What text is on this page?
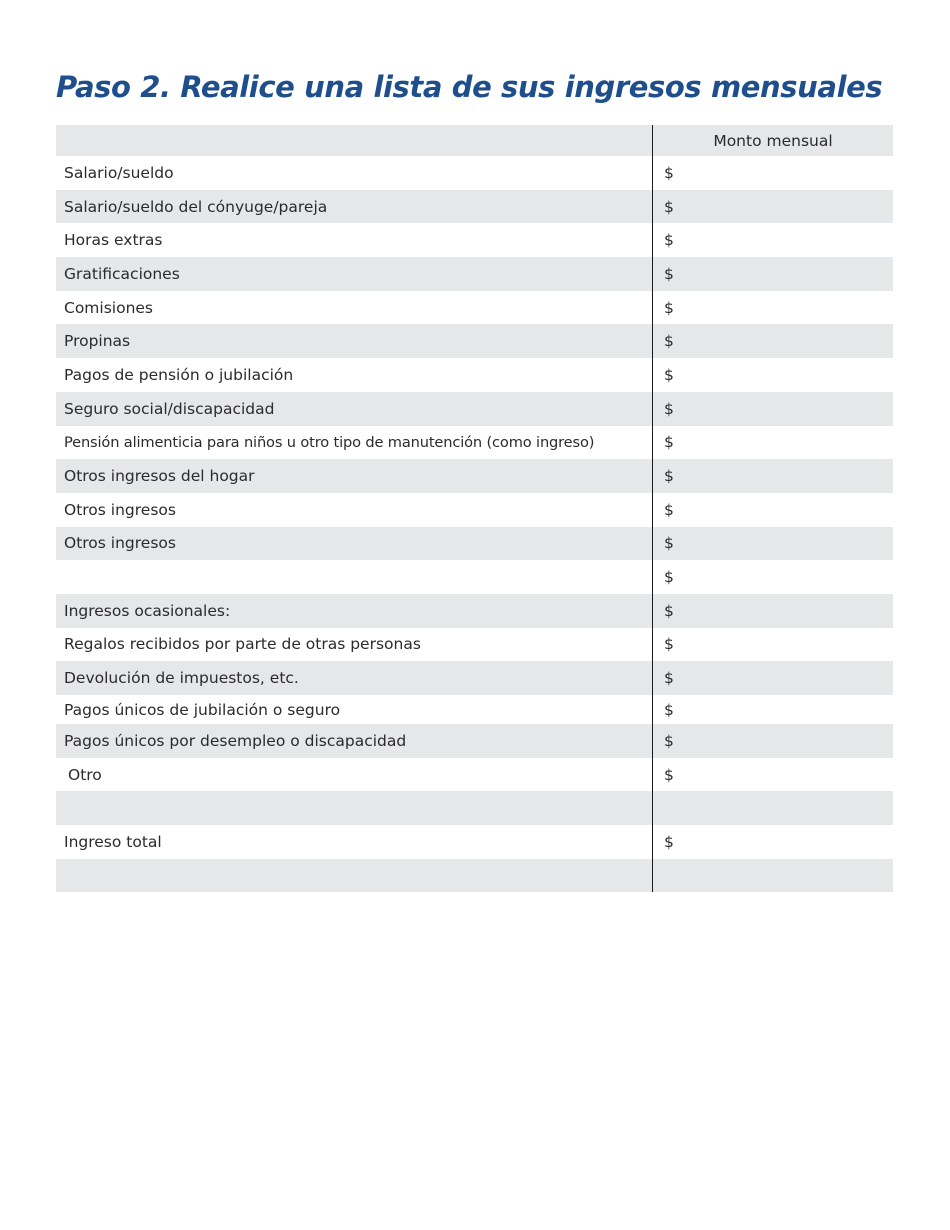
Paso 2. Realice una lista de sus ingresos mensuales
	Monto mensual
Salario/sueldo	$
Salario/sueldo del cónyuge/pareja	$
Horas extras	$
Gratificaciones	$
Comisiones	$
Propinas	$
Pagos de pensión o jubilación	$
Seguro social/discapacidad	$
Pensión alimenticia para niños u otro tipo de manutención (como ingreso)	$
Otros ingresos del hogar	$
Otros ingresos	$
Otros ingresos	$
	$
Ingresos ocasionales:	$
Regalos recibidos por parte de otras personas	$
Devolución de impuestos, etc.	$
Pagos únicos de jubilación o seguro	$
Pagos únicos por desempleo o discapacidad	$
Otro	$

Ingreso total	$
